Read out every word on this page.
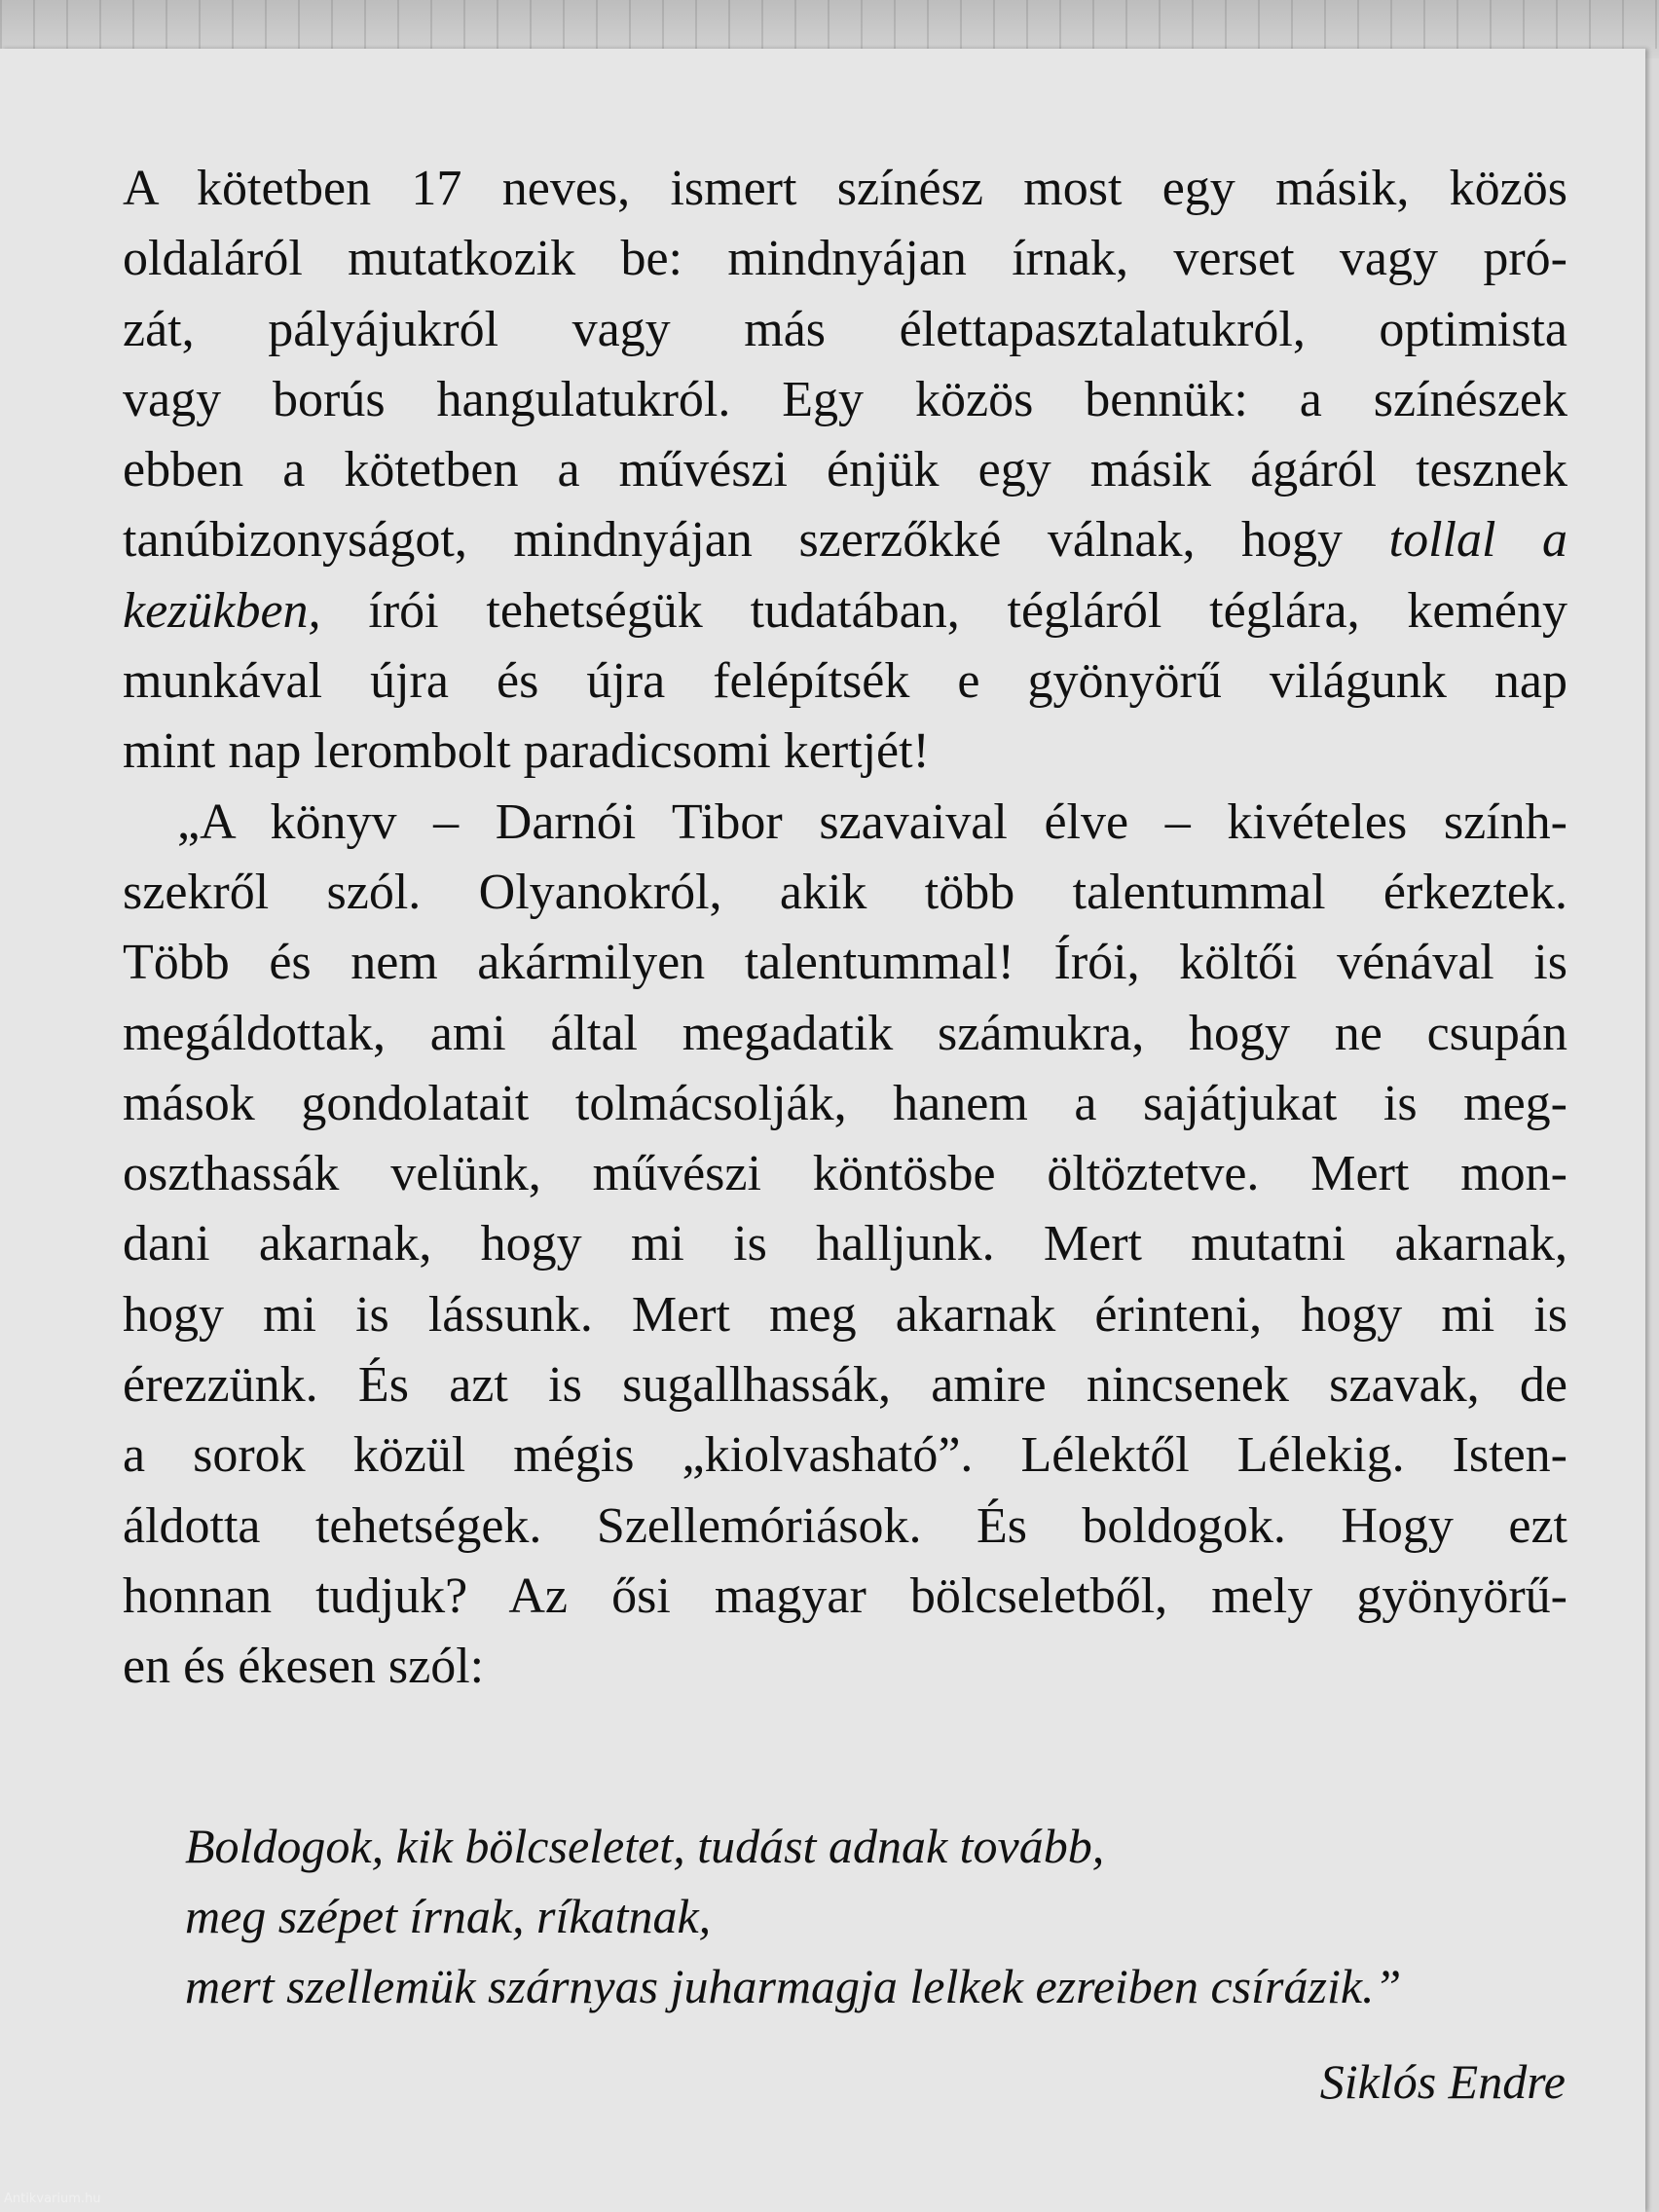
A kötetben 17 neves, ismert színész most egy másik, közös
oldaláról mutatkozik be: mindnyájan írnak, verset vagy pró-
zát, pályájukról vagy más élettapasztalatukról, optimista
vagy borús hangulatukról. Egy közös bennük: a színészek
ebben a kötetben a művészi énjük egy másik ágáról tesznek
tanúbizonyságot, mindnyájan szerzőkké válnak, hogy tollal a
kezükben, írói tehetségük tudatában, tégláról téglára, kemény
munkával újra és újra felépítsék e gyönyörű világunk nap
mint nap lerombolt paradicsomi kertjét!

„A könyv – Darnói Tibor szavaival élve – kivételes szính-
szekről szól. Olyanokról, akik több talentummal érkeztek.
Több és nem akármilyen talentummal! Írói, költői vénával is
megáldottak, ami által megadatik számukra, hogy ne csupán
mások gondolatait tolmácsolják, hanem a sajátjukat is meg-
oszthassák velünk, művészi köntösbe öltöztetve. Mert mon-
dani akarnak, hogy mi is halljunk. Mert mutatni akarnak,
hogy mi is lássunk. Mert meg akarnak érinteni, hogy mi is
érezzünk. És azt is sugallhassák, amire nincsenek szavak, de
a sorok közül mégis „kiolvasható”. Lélektől Lélekig. Isten-
áldotta tehetségek. Szellemóriások. És boldogok. Hogy ezt
honnan tudjuk? Az ősi magyar bölcseletből, mely gyönyörű-
en és ékesen szól:

Boldogok, kik bölcseletet, tudást adnak tovább,
meg szépet írnak, ríkatnak,
mert szellemük szárnyas juharmagja lelkek ezreiben csírázik.”
Siklós Endre
Antikvarium.hu
